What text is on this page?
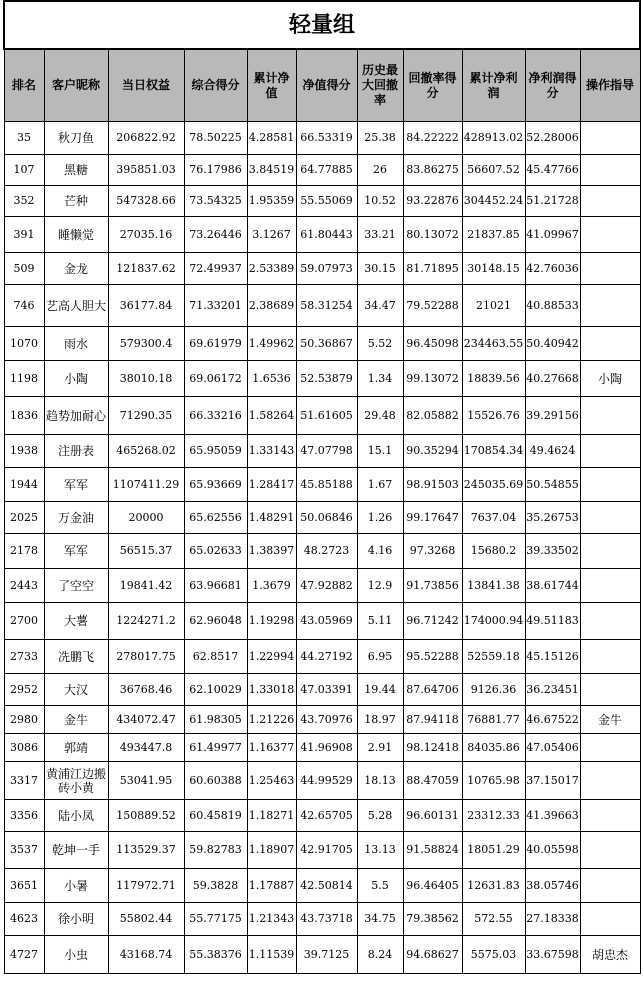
轻量组										
排名	客户昵称	当日权益	综合得分	累计净值	净值得分	历史最大回撤率	回撤率得分	累计净利润	净利润得分	操作指导
35	秋刀鱼	206822.92	78.50225	4.28581	66.53319	25.38	84.22222	428913.02	52.28006	
107	黑糖	395851.03	76.17986	3.84519	64.77885	26	83.86275	56607.52	45.47766	
352	芒种	547328.66	73.54325	1.95359	55.55069	10.52	93.22876	304452.24	51.21728	
391	睡懒觉	27035.16	73.26446	3.1267	61.80443	33.21	80.13072	21837.85	41.09967	
509	金龙	121837.62	72.49937	2.53389	59.07973	30.15	81.71895	30148.15	42.76036	
746	艺高人胆大	36177.84	71.33201	2.38689	58.31254	34.47	79.52288	21021	40.88533	
1070	雨水	579300.4	69.61979	1.49962	50.36867	5.52	96.45098	234463.55	50.40942	
1198	小陶	38010.18	69.06172	1.6536	52.53879	1.34	99.13072	18839.56	40.27668	小陶
1836	趋势加耐心	71290.35	66.33216	1.58264	51.61605	29.48	82.05882	15526.76	39.29156	
1938	注册表	465268.02	65.95059	1.33143	47.07798	15.1	90.35294	170854.34	49.4624	
1944	军军	1107411.29	65.93669	1.28417	45.85188	1.67	98.91503	245035.69	50.54855	
2025	万金油	20000	65.62556	1.48291	50.06846	1.26	99.17647	7637.04	35.26753	
2178	军军	56515.37	65.02633	1.38397	48.2723	4.16	97.3268	15680.2	39.33502	
2443	了空空	19841.42	63.96681	1.3679	47.92882	12.9	91.73856	13841.38	38.61744	
2700	大薯	1224271.2	62.96048	1.19298	43.05969	5.11	96.71242	174000.94	49.51183	
2733	冼鹏飞	278017.75	62.8517	1.22994	44.27192	6.95	95.52288	52559.18	45.15126	
2952	大汉	36768.46	62.10029	1.33018	47.03391	19.44	87.64706	9126.36	36.23451	
2980	金牛	434072.47	61.98305	1.21226	43.70976	18.97	87.94118	76881.77	46.67522	金牛
3086	郭靖	493447.8	61.49977	1.16377	41.96908	2.91	98.12418	84035.86	47.05406	
3317	黄浦江边搬砖小黄	53041.95	60.60388	1.25463	44.99529	18.13	88.47059	10765.98	37.15017	
3356	陆小凤	150889.52	60.45819	1.18271	42.65705	5.28	96.60131	23312.33	41.39663	
3537	乾坤一手	113529.37	59.82783	1.18907	42.91705	13.13	91.58824	18051.29	40.05598	
3651	小暑	117972.71	59.3828	1.17887	42.50814	5.5	96.46405	12631.83	38.05746	
4623	徐小明	55802.44	55.77175	1.21343	43.73718	34.75	79.38562	572.55	27.18338	
4727	小虫	43168.74	55.38376	1.11539	39.7125	8.24	94.68627	5575.03	33.67598	胡忠杰
